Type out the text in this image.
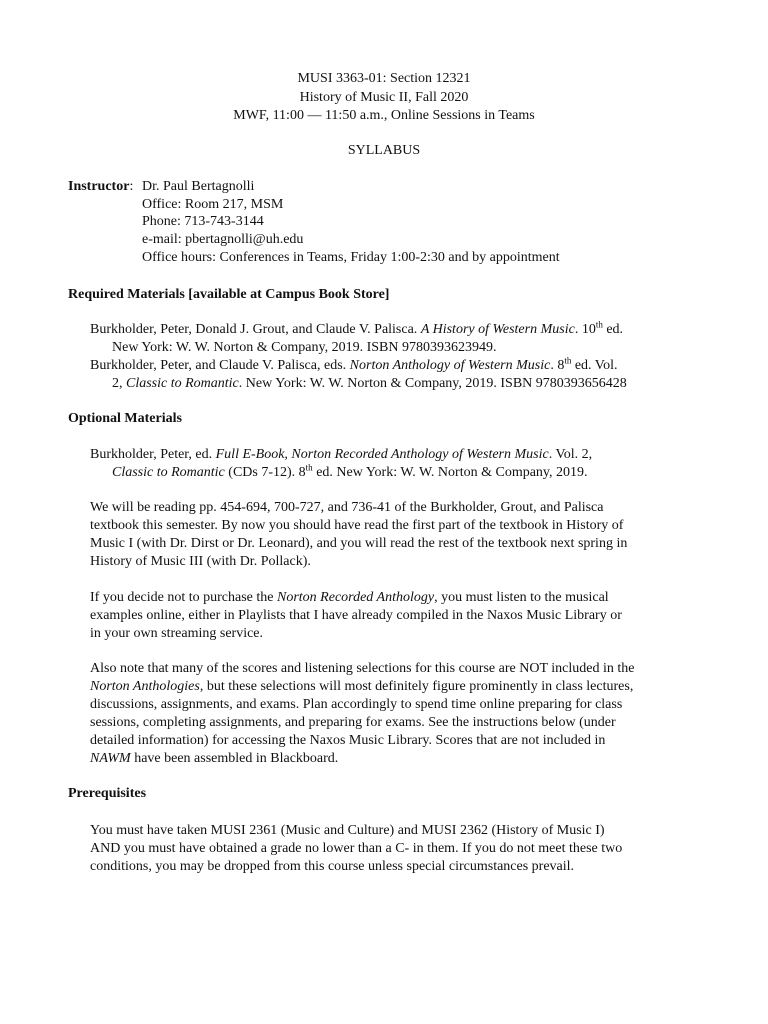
MUSI 3363-01: Section 12321
History of Music II, Fall 2020
MWF, 11:00 — 11:50 a.m., Online Sessions in Teams
SYLLABUS
Instructor: Dr. Paul Bertagnolli
Office: Room 217, MSM
Phone: 713-743-3144
e-mail: pbertagnolli@uh.edu
Office hours: Conferences in Teams, Friday 1:00-2:30 and by appointment
Required Materials [available at Campus Book Store]
Burkholder, Peter, Donald J. Grout, and Claude V. Palisca. A History of Western Music. 10th ed.
New York: W. W. Norton & Company, 2019. ISBN 9780393623949.
Burkholder, Peter, and Claude V. Palisca, eds. Norton Anthology of Western Music. 8th ed. Vol.
2, Classic to Romantic. New York: W. W. Norton & Company, 2019. ISBN 9780393656428
Optional Materials
Burkholder, Peter, ed. Full E-Book, Norton Recorded Anthology of Western Music. Vol. 2,
Classic to Romantic (CDs 7-12). 8th ed. New York: W. W. Norton & Company, 2019.
We will be reading pp. 454-694, 700-727, and 736-41 of the Burkholder, Grout, and Palisca
textbook this semester. By now you should have read the first part of the textbook in History of
Music I (with Dr. Dirst or Dr. Leonard), and you will read the rest of the textbook next spring in
History of Music III (with Dr. Pollack).
If you decide not to purchase the Norton Recorded Anthology, you must listen to the musical
examples online, either in Playlists that I have already compiled in the Naxos Music Library or
in your own streaming service.
Also note that many of the scores and listening selections for this course are NOT included in the
Norton Anthologies, but these selections will most definitely figure prominently in class lectures,
discussions, assignments, and exams. Plan accordingly to spend time online preparing for class
sessions, completing assignments, and preparing for exams. See the instructions below (under
detailed information) for accessing the Naxos Music Library. Scores that are not included in
NAWM have been assembled in Blackboard.
Prerequisites
You must have taken MUSI 2361 (Music and Culture) and MUSI 2362 (History of Music I)
AND you must have obtained a grade no lower than a C- in them. If you do not meet these two
conditions, you may be dropped from this course unless special circumstances prevail.
